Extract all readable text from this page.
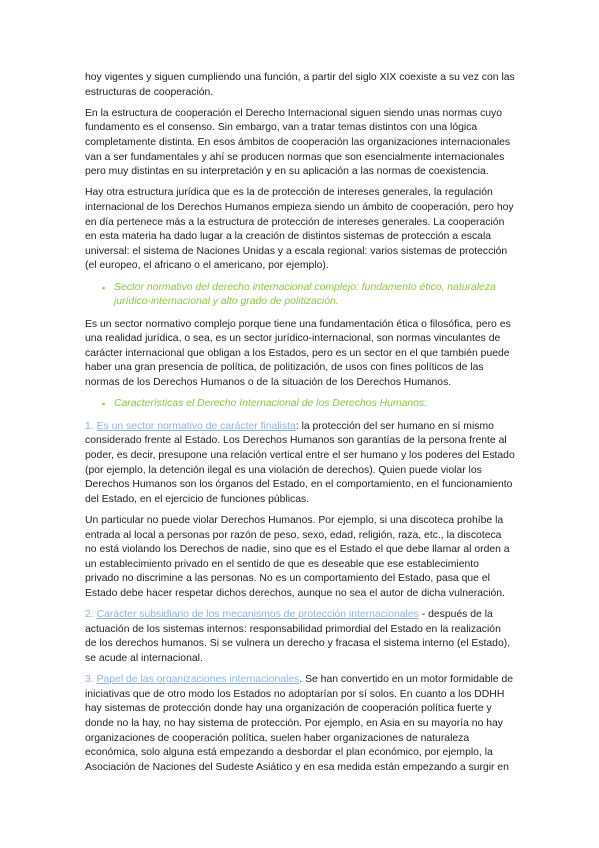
hoy vigentes y siguen cumpliendo una función, a partir del siglo XIX coexiste a su vez con las estructuras de cooperación.

En la estructura de cooperación el Derecho Internacional siguen siendo unas normas cuyo fundamento es el consenso. Sin embargo, van a tratar temas distintos con una lógica completamente distinta. En esos ámbitos de cooperación las organizaciones internacionales van a ser fundamentales y ahí se producen normas que son esencialmente internacionales pero muy distintas en su interpretación y en su aplicación a las normas de coexistencia.

Hay otra estructura jurídica que es la de protección de intereses generales, la regulación internacional de los Derechos Humanos empieza siendo un ámbito de cooperación, pero hoy en día pertenece más a la estructura de protección de intereses generales. La cooperación en esta materia ha dado lugar a la creación de distintos sistemas de protección a escala universal: el sistema de Naciones Unidas y a escala regional: varios sistemas de protección (el europeo, el africano o el americano, por ejemplo).

▪ Sector normativo del derecho internacional complejo: fundamento ético, naturaleza jurídico-internacional y alto grado de politización.

Es un sector normativo complejo porque tiene una fundamentación ética o filosófica, pero es una realidad jurídica, o sea, es un sector jurídico-internacional, son normas vinculantes de carácter internacional que obligan a los Estados, pero es un sector en el que también puede haber una gran presencia de política, de politización, de usos con fines políticos de las normas de los Derechos Humanos o de la situación de los Derechos Humanos.

▪ Características el Derecho Internacional de los Derechos Humanos:

1. Es un sector normativo de carácter finalista: la protección del ser humano en sí mismo considerado frente al Estado. Los Derechos Humanos son garantías de la persona frente al poder, es decir, presupone una relación vertical entre el ser humano y los poderes del Estado (por ejemplo, la detención ilegal es una violación de derechos). Quien puede violar los Derechos Humanos son los órganos del Estado, en el comportamiento, en el funcionamiento del Estado, en el ejercicio de funciones públicas.

Un particular no puede violar Derechos Humanos. Por ejemplo, si una discoteca prohíbe la entrada al local a personas por razón de peso, sexo, edad, religión, raza, etc., la discoteca no está violando los Derechos de nadie, sino que es el Estado el que debe llamar al orden a un establecimiento privado en el sentido de que es deseable que ese establecimiento privado no discrimine a las personas. No es un comportamiento del Estado, pasa que el Estado debe hacer respetar dichos derechos, aunque no sea el autor de dicha vulneración.

2. Carácter subsidiario de los mecanismos de protección internacionales - después de la actuación de los sistemas internos: responsabilidad primordial del Estado en la realización de los derechos humanos. Si se vulnera un derecho y fracasa el sistema interno (el Estado), se acude al internacional.

3. Papel de las organizaciones internacionales. Se han convertido en un motor formidable de iniciativas que de otro modo los Estados no adoptarían por sí solos. En cuanto a los DDHH hay sistemas de protección donde hay una organización de cooperación política fuerte y donde no la hay, no hay sistema de protección. Por ejemplo, en Asia en su mayoría no hay organizaciones de cooperación política, suelen haber organizaciones de naturaleza económica, solo alguna está empezando a desbordar el plan económico, por ejemplo, la Asociación de Naciones del Sudeste Asiático y en esa medida están empezando a surgir en
